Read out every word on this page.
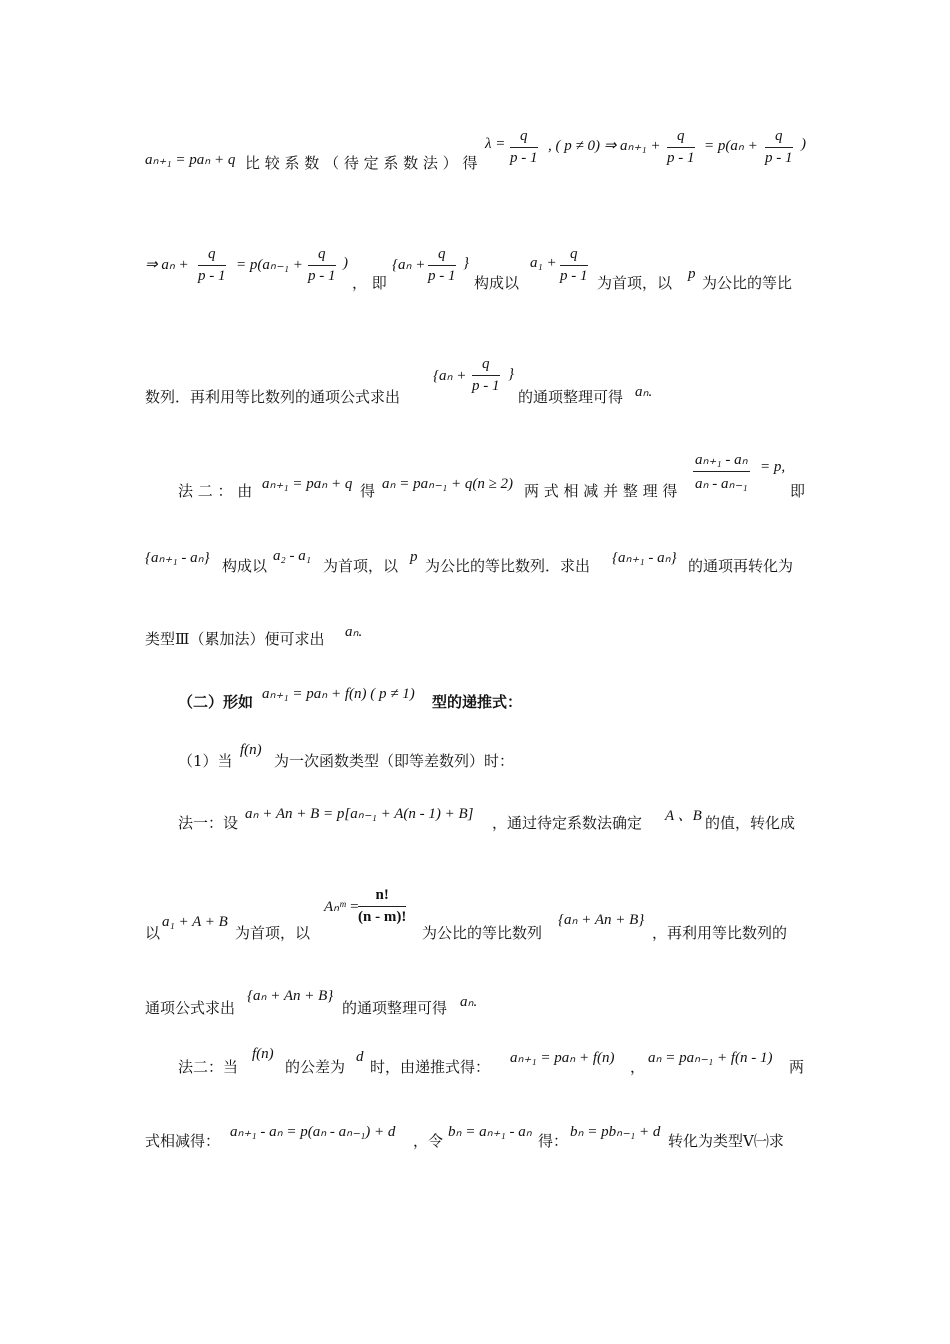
aₙ₊₁ = paₙ + q 比 较 系 数 （ 待 定 系 数 法 ） 得
$\lambda = \frac{q}{p - 1}$ , ( p ≠ 0) ⇒ $a_{n+1} + \frac{q}{p - 1} = p(a_n + \frac{q}{p - 1}$ )
⇒ $a_n + \frac{q}{p - 1} = p(a_{n-1} + \frac{q}{p - 1}$ )
， 即
{$a_n + \frac{q}{p - 1}$ }
构成以
$a_1 + \frac{q}{p - 1}$ 为首项，以 p 为公比的等比
数列．再利用等比数列的通项公式求出
{$a_n + \frac{q}{p - 1}$ }
的通项整理可得 aₙ.
法 二 ： 由 aₙ₊₁ = paₙ + q 得 aₙ = paₙ₋₁ + q(n ≥ 2) 两 式 相 减 并 整 理 得 $\frac{\text{aₙ₊₁ - aₙ}}{\text{aₙ - aₙ₋₁}} = p$,
即
{aₙ₊₁ - aₙ} 构成以
a₂ - a₁
为首项，以 p 为公比的等比数列．求出 {aₙ₊₁ - aₙ} 的通项再转化为
类型Ⅲ（累加法）便可求出 aₙ.
（二）形如 aₙ₊₁ = paₙ + f(n) ( p ≠ 1) 型的递推式：
（1）当
f(n)
为一次函数类型（即等差数列）时：
法一：设 aₙ + An + B = p[aₙ₋₁ + A(n - 1) + B] ，通过待定系数法确定 A 、B 的值，转化成
以
a₁ + A + B
为首项，以
Aₙᵐ =
$\frac{n!}{(n - m)!}$
为公比的等比数列
{aₙ + An + B}
，再利用等比数列的
通项公式求出
{aₙ + An + B}
的通项整理可得 aₙ.
法二：当
f(n)
的公差为
d
时，由递推式得： aₙ₊₁ = paₙ + f(n) ， aₙ = paₙ₋₁ + f(n - 1) 两
式相减得： aₙ₊₁ - aₙ = p(aₙ - aₙ₋₁) + d ，令 bₙ = aₙ₊₁ - aₙ 得： bₙ = pbₙ₋₁ + d 转化为类型Ⅴ㈠求
